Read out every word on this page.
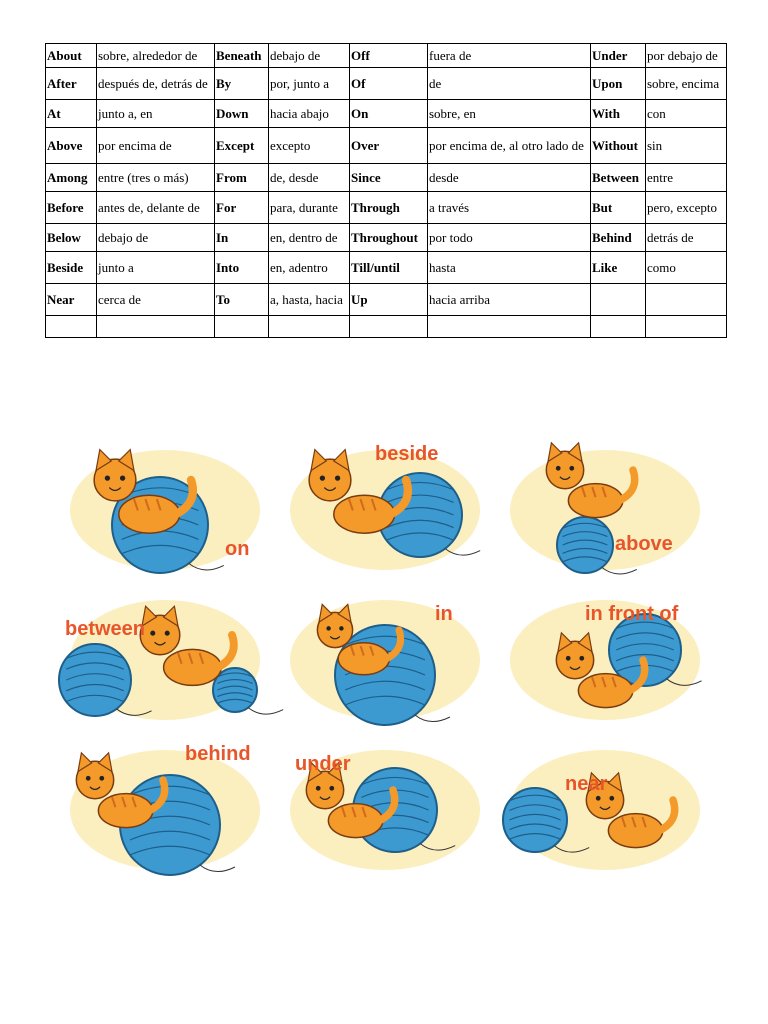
About	sobre, alrededor de	Beneath	debajo de	Off	fuera de	Under	por debajo de
After	después de, detrás de	By	por, junto a	Of	de	Upon	sobre, encima
At	junto a, en	Down	hacia abajo	On	sobre, en	With	con
Above	por encima de	Except	excepto	Over	por encima de, al otro lado de	Without	sin
Among	entre (tres o más)	From	de, desde	Since	desde	Between	entre
Before	antes de, delante de	For	para, durante	Through	a través	But	pero, excepto
Below	debajo de	In	en, dentro de	Throughout	por todo	Behind	detrás de
Beside	junto a	Into	en, adentro	Till/until	hasta	Like	como
Near	cerca de	To	a, hasta, hacia	Up	hacia arriba		

on
beside
above
between
in	in front of
behind under
near
